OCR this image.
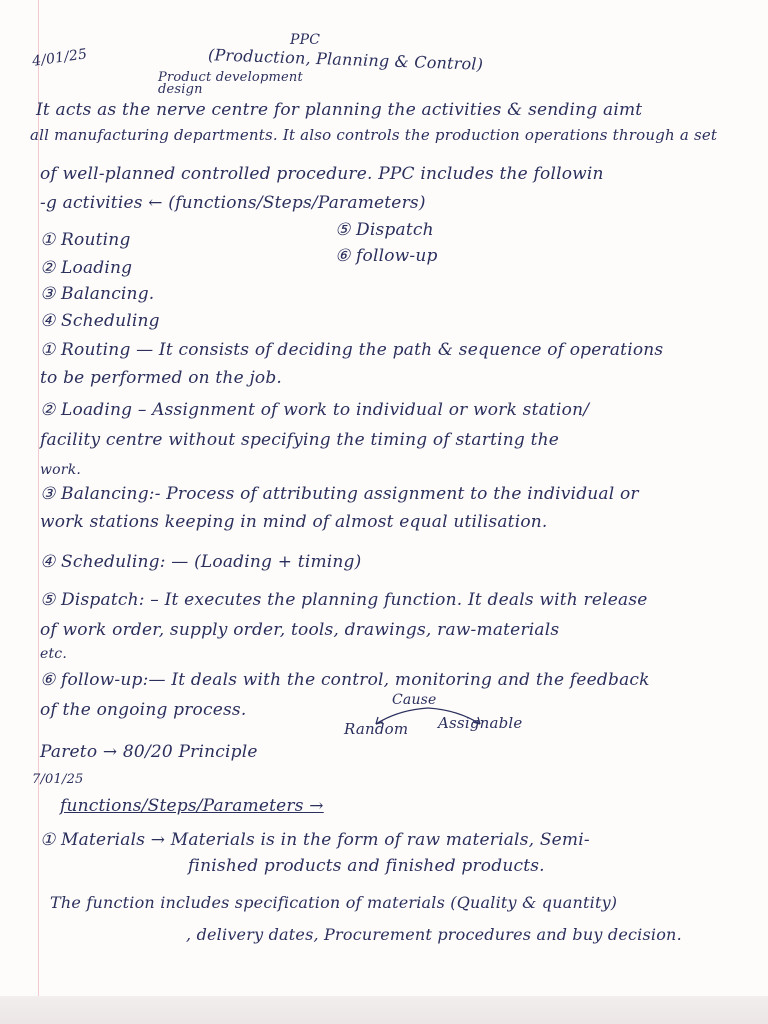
4/01/25
PPC
(Production, Planning & Control)
Product development design
It acts as the nerve centre for planning the activities & sending aimt
all manufacturing departments. It also controls the production operations through a set
of well-planned controlled procedure. PPC includes the followin
-g activities ← (functions/Steps/Parameters)
① Routing
② Loading
③ Balancing.
④ Scheduling
⑤ Dispatch
⑥ follow-up
① Routing — It consists of deciding the path & sequence of operations
to be performed on the job.
② Loading – Assignment of work to individual or work station/
facility centre without specifying the timing of starting the
work.
③ Balancing:- Process of attributing assignment to the individual or
work stations keeping in mind of almost equal utilisation.
④ Scheduling: — (Loading + timing)
⑤ Dispatch: – It executes the planning function. It deals with release
of work order, supply order, tools, drawings, raw-materials
etc.
⑥ follow-up:— It deals with the control, monitoring and the feedback
of the ongoing process.	Cause
Random Assignable
Pareto → 80/20 Principle
7/01/25
functions/Steps/Parameters →
① Materials → Materials is in the form of raw materials, Semi-
finished products and finished products.
The function includes specification of materials (Quality & quantity)
, delivery dates, Procurement procedures and buy decision.
